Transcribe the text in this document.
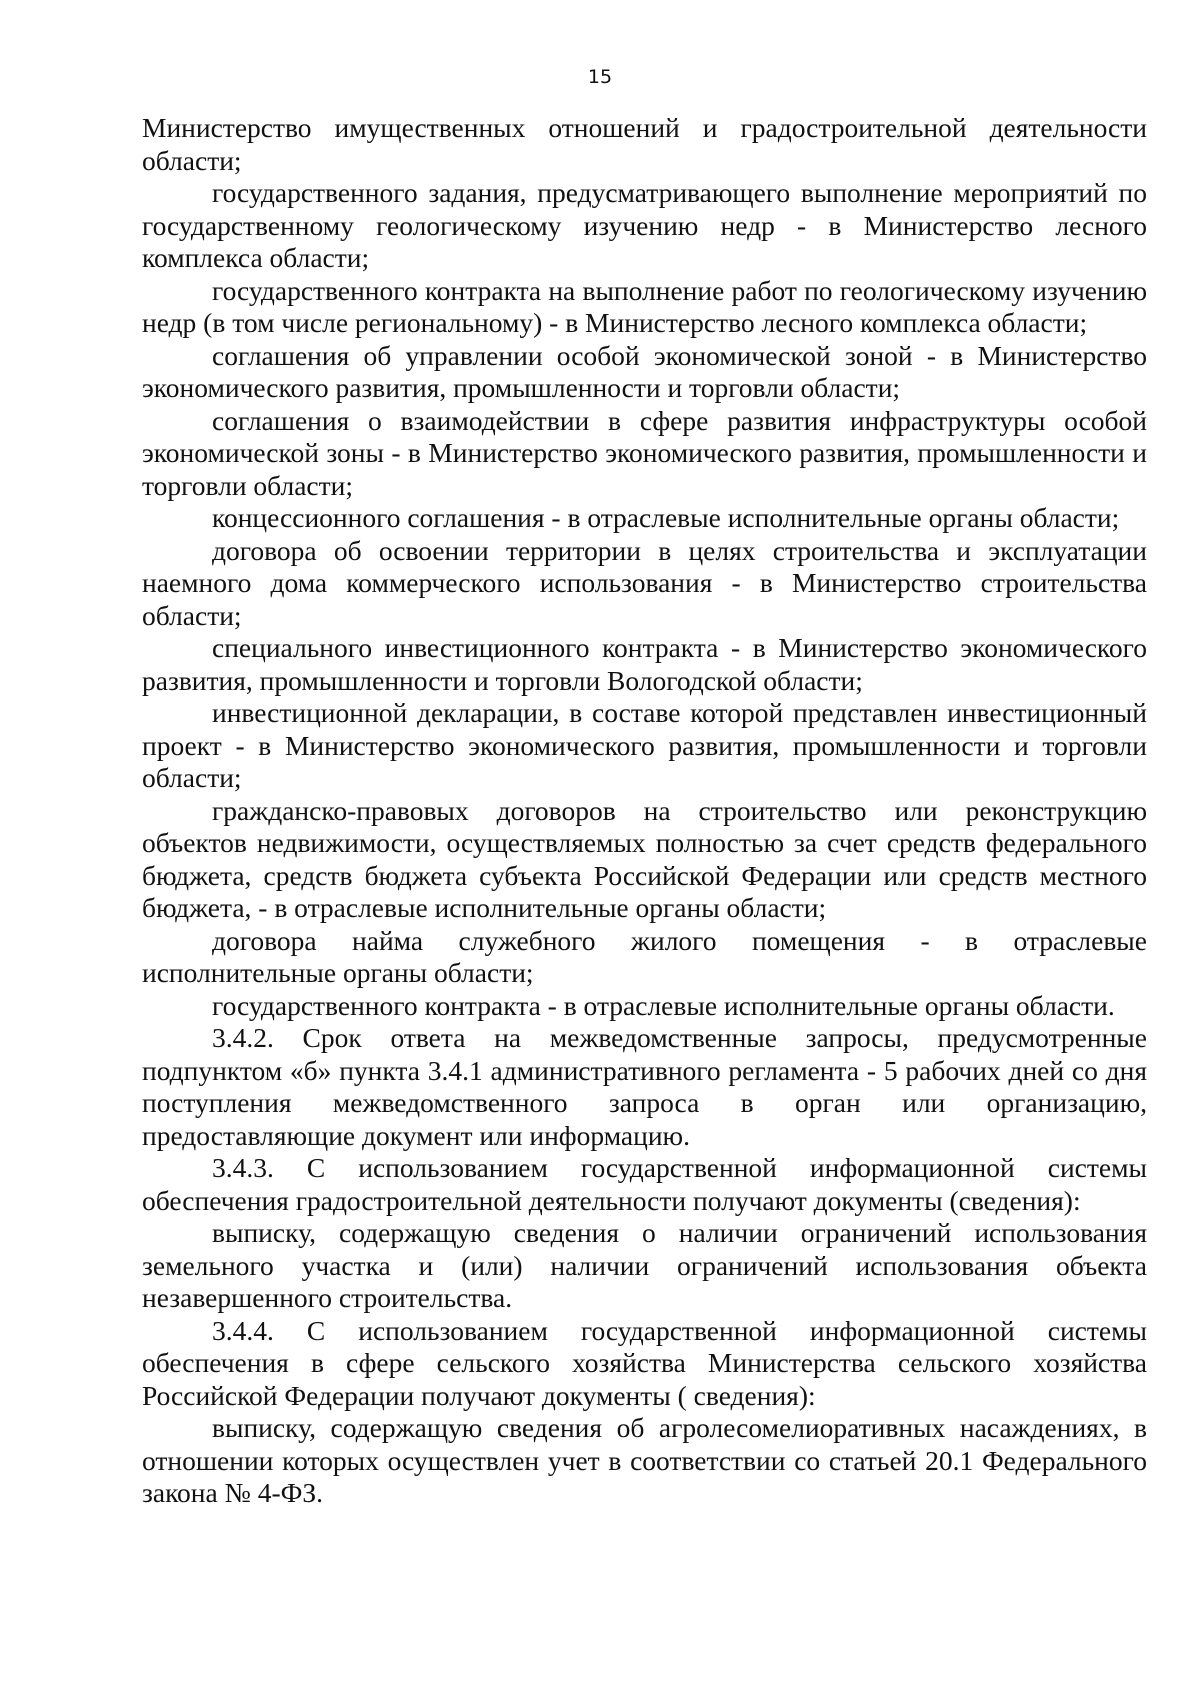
15

Министерство имущественных отношений и градостроительной деятельности области;

государственного задания, предусматривающего выполнение мероприятий по государственному геологическому изучению недр - в Министерство лесного комплекса области;

государственного контракта на выполнение работ по геологическому изучению недр (в том числе региональному) - в Министерство лесного комплекса области;

соглашения об управлении особой экономической зоной - в Министерство экономического развития, промышленности и торговли области;

соглашения о взаимодействии в сфере развития инфраструктуры особой экономической зоны - в Министерство экономического развития, промышленности и торговли области;

концессионного соглашения - в отраслевые исполнительные органы области;

договора об освоении территории в целях строительства и эксплуатации наемного дома коммерческого использования - в Министерство строительства области;

специального инвестиционного контракта - в Министерство экономического развития, промышленности и торговли Вологодской области;

инвестиционной декларации, в составе которой представлен инвестиционный проект - в Министерство экономического развития, промышленности и торговли области;

гражданско-правовых договоров на строительство или реконструкцию объектов недвижимости, осуществляемых полностью за счет средств федерального бюджета, средств бюджета субъекта Российской Федерации или средств местного бюджета, - в отраслевые исполнительные органы области;

договора найма служебного жилого помещения - в отраслевые исполнительные органы области;

государственного контракта - в отраслевые исполнительные органы области.

3.4.2. Срок ответа на межведомственные запросы, предусмотренные подпунктом «б» пункта 3.4.1 административного регламента - 5 рабочих дней со дня поступления межведомственного запроса в орган или организацию, предоставляющие документ или информацию.

3.4.3. С использованием государственной информационной системы обеспечения градостроительной деятельности получают документы (сведения):

выписку, содержащую сведения о наличии ограничений использования земельного участка и (или) наличии ограничений использования объекта незавершенного строительства.

3.4.4. С использованием государственной информационной системы обеспечения в сфере сельского хозяйства Министерства сельского хозяйства Российской Федерации получают документы ( сведения):

выписку, содержащую сведения об агролесомелиоративных насаждениях, в отношении которых осуществлен учет в соответствии со статьей 20.1 Федерального закона № 4-ФЗ.
